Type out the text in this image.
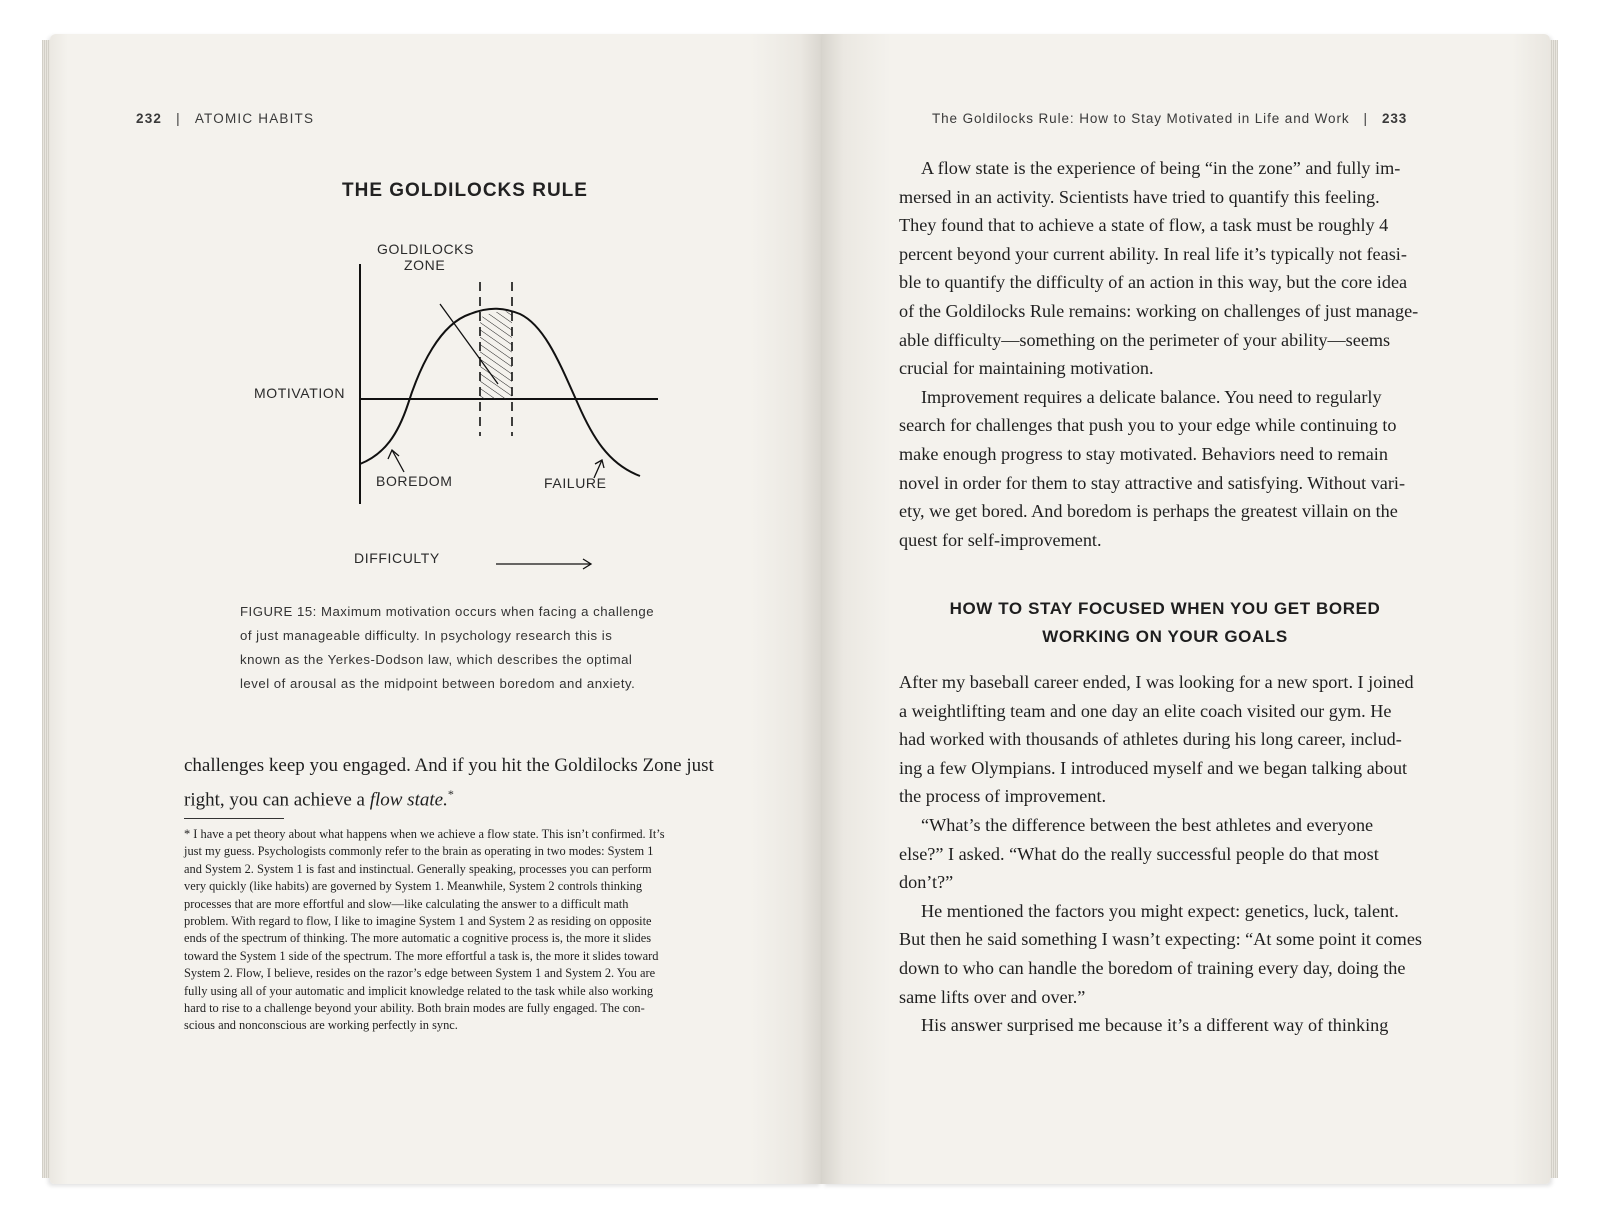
232 | ATOMIC HABITS
THE GOLDILOCKS RULE
GOLDILOCKS
ZONE
MOTIVATION
BOREDOM	FAILURE
DIFFICULTY
FIGURE 15: Maximum motivation occurs when facing a challenge
of just manageable difficulty. In psychology research this is
known as the Yerkes-Dodson law, which describes the optimal
level of arousal as the midpoint between boredom and anxiety.
challenges keep you engaged. And if you hit the Goldilocks Zone just
right, you can achieve a flow state.*
* I have a pet theory about what happens when we achieve a flow state. This isn’t confirmed. It’s
just my guess. Psychologists commonly refer to the brain as operating in two modes: System 1
and System 2. System 1 is fast and instinctual. Generally speaking, processes you can perform
very quickly (like habits) are governed by System 1. Meanwhile, System 2 controls thinking
processes that are more effortful and slow—like calculating the answer to a difficult math
problem. With regard to flow, I like to imagine System 1 and System 2 as residing on opposite
ends of the spectrum of thinking. The more automatic a cognitive process is, the more it slides
toward the System 1 side of the spectrum. The more effortful a task is, the more it slides toward
System 2. Flow, I believe, resides on the razor’s edge between System 1 and System 2. You are
fully using all of your automatic and implicit knowledge related to the task while also working
hard to rise to a challenge beyond your ability. Both brain modes are fully engaged. The con-
scious and nonconscious are working perfectly in sync.
The Goldilocks Rule: How to Stay Motivated in Life and Work | 233
A flow state is the experience of being “in the zone” and fully im-
mersed in an activity. Scientists have tried to quantify this feeling.
They found that to achieve a state of flow, a task must be roughly 4
percent beyond your current ability. In real life it’s typically not feasi-
ble to quantify the difficulty of an action in this way, but the core idea
of the Goldilocks Rule remains: working on challenges of just manage-
able difficulty—something on the perimeter of your ability—seems
crucial for maintaining motivation.
Improvement requires a delicate balance. You need to regularly
search for challenges that push you to your edge while continuing to
make enough progress to stay motivated. Behaviors need to remain
novel in order for them to stay attractive and satisfying. Without vari-
ety, we get bored. And boredom is perhaps the greatest villain on the
quest for self-improvement.
HOW TO STAY FOCUSED WHEN YOU GET BORED
WORKING ON YOUR GOALS
After my baseball career ended, I was looking for a new sport. I joined
a weightlifting team and one day an elite coach visited our gym. He
had worked with thousands of athletes during his long career, includ-
ing a few Olympians. I introduced myself and we began talking about
the process of improvement.
“What’s the difference between the best athletes and everyone
else?” I asked. “What do the really successful people do that most
don’t?”
He mentioned the factors you might expect: genetics, luck, talent.
But then he said something I wasn’t expecting: “At some point it comes
down to who can handle the boredom of training every day, doing the
same lifts over and over.”
His answer surprised me because it’s a different way of thinking
